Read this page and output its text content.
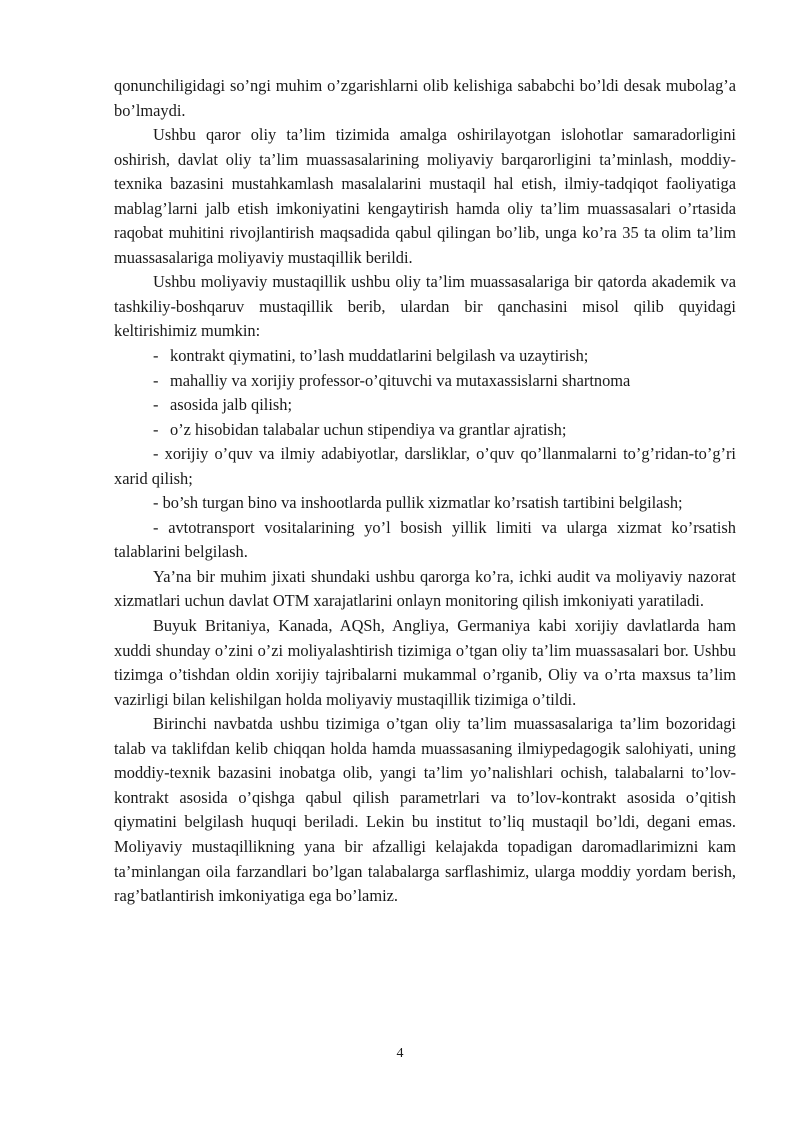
qonunchiligidagi so’ngi muhim o’zgarishlarni olib kelishiga sababchi bo’ldi desak mubolag’a bo’lmaydi.

Ushbu qaror oliy ta’lim tizimida amalga oshirilayotgan islohotlar samaradorligini oshirish, davlat oliy ta’lim muassasalarining moliyaviy barqarorligini ta’minlash, moddiy-texnika bazasini mustahkamlash masalalarini mustaqil hal etish, ilmiy-tadqiqot faoliyatiga mablag’larni jalb etish imkoniyatini kengaytirish hamda oliy ta’lim muassasalari o’rtasida raqobat muhitini rivojlantirish maqsadida qabul qilingan bo’lib, unga ko’ra 35 ta olim ta’lim muassasalariga moliyaviy mustaqillik berildi.

Ushbu moliyaviy mustaqillik ushbu oliy ta’lim muassasalariga bir qatorda akademik va tashkiliy-boshqaruv mustaqillik berib, ulardan bir qanchasini misol qilib quyidagi keltirishimiz mumkin:

- kontrakt qiymatini, to’lash muddatlarini belgilash va uzaytirish;

- mahalliy va xorijiy professor-o’qituvchi va mutaxassislarni shartnoma

- asosida jalb qilish;

- o’z hisobidan talabalar uchun stipendiya va grantlar ajratish;

- xorijiy o’quv va ilmiy adabiyotlar, darsliklar, o’quv qo’llanmalarni to’g’ridan-to’g’ri xarid qilish;

- bo’sh turgan bino va inshootlarda pullik xizmatlar ko’rsatish tartibini belgilash;

- avtotransport vositalarining yo’l bosish yillik limiti va ularga xizmat ko’rsatish talablarini belgilash.

Ya’na bir muhim jixati shundaki ushbu qarorga ko’ra, ichki audit va moliyaviy nazorat xizmatlari uchun davlat OTM xarajatlarini onlayn monitoring qilish imkoniyati yaratiladi.

Buyuk Britaniya, Kanada, AQSh, Angliya, Germaniya kabi xorijiy davlatlarda ham xuddi shunday o’zini o’zi moliyalashtirish tizimiga o’tgan oliy ta’lim muassasalari bor. Ushbu tizimga o’tishdan oldin xorijiy tajribalarni mukammal o’rganib, Oliy va o’rta maxsus ta’lim vazirligi bilan kelishilgan holda moliyaviy mustaqillik tizimiga o’tildi.

Birinchi navbatda ushbu tizimiga o’tgan oliy ta’lim muassasalariga ta’lim bozoridagi talab va taklifdan kelib chiqqan holda hamda muassasaning ilmiypedagogik salohiyati, uning moddiy-texnik bazasini inobatga olib, yangi ta’lim yo’nalishlari ochish, talabalarni to’lov-kontrakt asosida o’qishga qabul qilish parametrlari va to’lov-kontrakt asosida o’qitish qiymatini belgilash huquqi beriladi. Lekin bu institut to’liq mustaqil bo’ldi, degani emas. Moliyaviy mustaqillikning yana bir afzalligi kelajakda topadigan daromadlarimizni kam ta’minlangan oila farzandlari bo’lgan talabalarga sarflashimiz, ularga moddiy yordam berish, rag’batlantirish imkoniyatiga ega bo’lamiz.

4
